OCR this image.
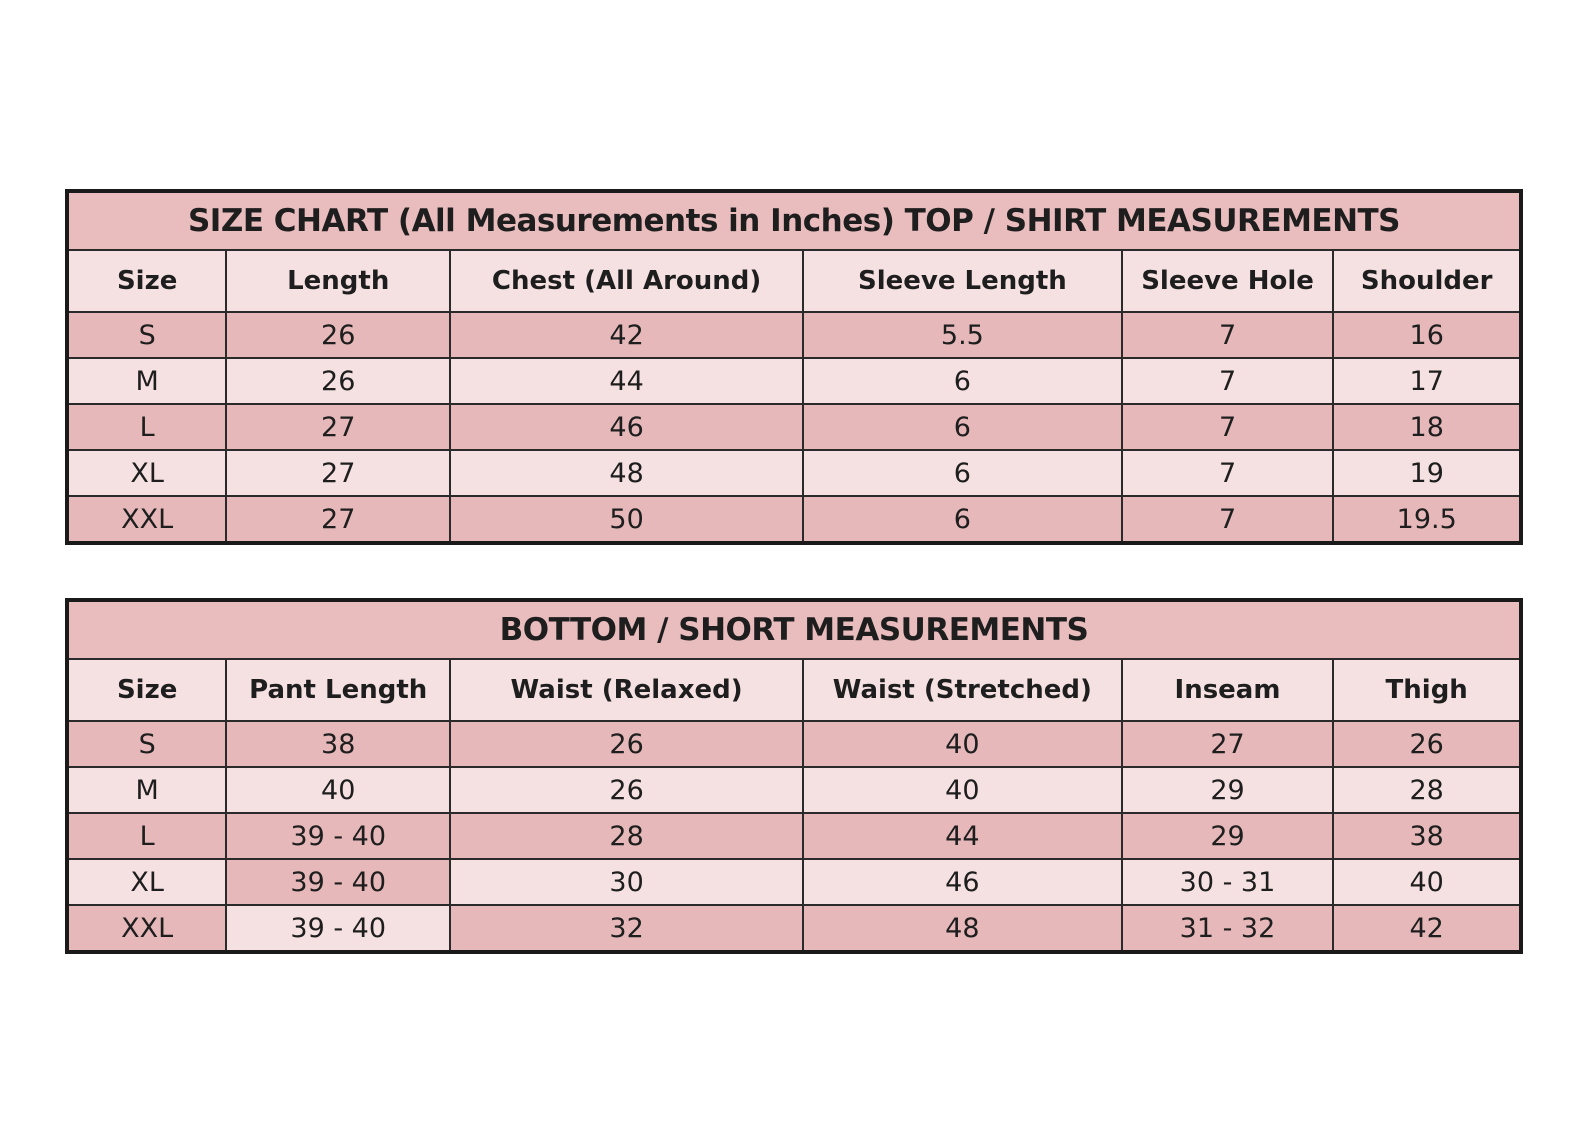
SIZE CHART (All Measurements in Inches) TOP / SHIRT MEASUREMENTS					
Size	Length	Chest (All Around)	Sleeve Length	Sleeve Hole	Shoulder
S	26	42	5.5	7	16
M	26	44	6	7	17
L	27	46	6	7	18
XL	27	48	6	7	19
XXL	27	50	6	7	19.5
BOTTOM / SHORT MEASUREMENTS					
Size	Pant Length	Waist (Relaxed)	Waist (Stretched)	Inseam	Thigh
S	38	26	40	27	26
M	40	26	40	29	28
L	39 - 40	28	44	29	38
XL	39 - 40	30	46	30 - 31	40
XXL	39 - 40	32	48	31 - 32	42
